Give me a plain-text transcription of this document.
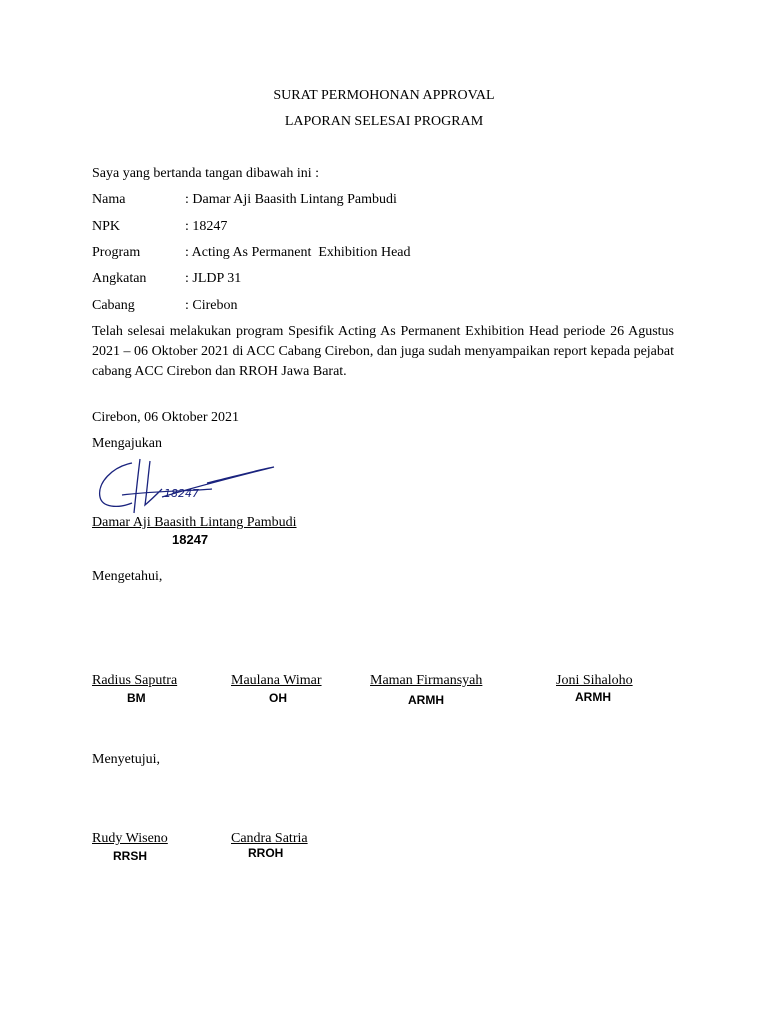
SURAT PERMOHONAN APPROVAL
LAPORAN SELESAI PROGRAM
Saya yang bertanda tangan dibawah ini :
Nama	: Damar Aji Baasith Lintang Pambudi
NPK	: 18247
Program	: Acting As Permanent  Exhibition Head
Angkatan	: JLDP 31
Cabang	: Cirebon
Telah selesai melakukan program Spesifik Acting As Permanent Exhibition Head periode 26 Agustus 2021 – 06 Oktober 2021 di ACC Cabang Cirebon, dan juga sudah menyampaikan report kepada pejabat cabang ACC Cirebon dan RROH Jawa Barat.
Cirebon, 06 Oktober 2021
Mengajukan
18247
Damar Aji Baasith Lintang Pambudi
18247
Mengetahui,
Radius Saputra
BM
Maulana Wimar
OH
Maman Firmansyah
ARMH
Joni Sihaloho
ARMH
Menyetujui,
Rudy Wiseno
RRSH
Candra Satria
RROH
